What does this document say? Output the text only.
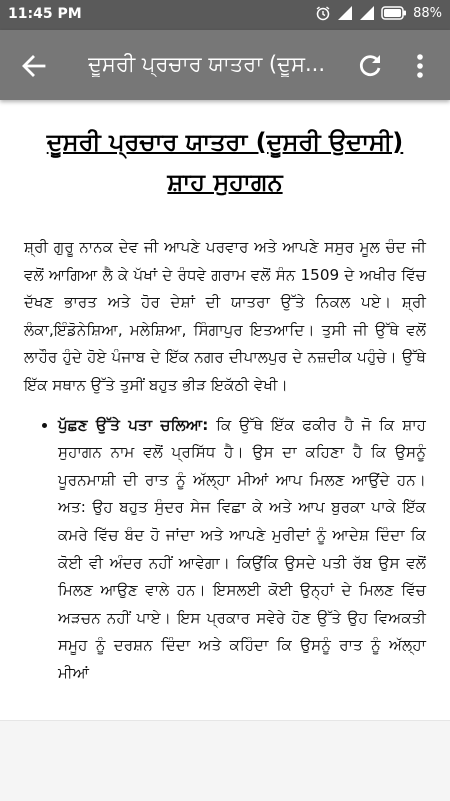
11:45 PM	88%
ਦੂਸਰੀ ਪ੍ਰਚਾਰ ਯਾਤਰਾ (ਦੂਸ...
ਦੂਸਰੀ ਪ੍ਰਚਾਰ ਯਾਤਰਾ (ਦੂਸਰੀ ਉਦਾਸੀ)
ਸ਼ਾਹ ਸੁਹਾਗਨ

ਸ਼੍ਰੀ ਗੁਰੂ ਨਾਨਕ ਦੇਵ ਜੀ ਆਪਣੇ ਪਰਵਾਰ ਅਤੇ ਆਪਣੇ ਸਸੁਰ ਮੂਲ ਚੰਦ ਜੀ ਵਲੋਂ ਆਗਿਆ ਲੈ ਕੇ ਪੱਖਾਂ ਦੇ ਰੰਧਵੇ ਗਰਾਮ ਵਲੋਂ ਸੰਨ 1509 ਦੇ ਅਖੀਰ ਵਿੱਚ ਦੱਖਣ ਭਾਰਤ ਅਤੇ ਹੋਰ ਦੇਸ਼ਾਂ ਦੀ ਯਾਤਰਾ ਉੱਤੇ ਨਿਕਲ ਪਏ। ਸ਼੍ਰੀ ਲੰਕਾ,ਇੰਡੋਨੇਸ਼ਿਆ, ਮਲੇਸ਼ਿਆ, ਸਿੰਗਾਪੁਰ ਇਤਆਦਿ। ਤੁਸੀ ਜੀ ਉੱਥੇ ਵਲੋਂ ਲਾਹੌਰ ਹੁੰਦੇ ਹੋਏ ਪੰਜਾਬ ਦੇ ਇੱਕ ਨਗਰ ਦੀਪਾਲਪੁਰ ਦੇ ਨਜ਼ਦੀਕ ਪਹੁੰਚੇ। ਉੱਥੇ ਇੱਕ ਸਥਾਨ ਉੱਤੇ ਤੁਸੀਂ ਬਹੁਤ ਭੀੜ ਇਕੱਠੀ ਵੇਖੀ।

• ਪੁੱਛਣ ਉੱਤੇ ਪਤਾ ਚਲਿਆ: ਕਿ ਉੱਥੇ ਇੱਕ ਫਕੀਰ ਹੈ ਜੋ ਕਿ ਸ਼ਾਹ ਸੁਹਾਗਨ ਨਾਮ ਵਲੋਂ ਪ੍ਰਸਿੱਧ ਹੈ। ਉਸ ਦਾ ਕਹਿਣਾ ਹੈ ਕਿ ਉਸਨੂੰ ਪੂਰਨਮਾਸ਼ੀ ਦੀ ਰਾਤ ਨੂੰ ਅੱਲ੍ਹਾ ਮੀਆਂ ਆਪ ਮਿਲਣ ਆਉਂਦੇ ਹਨ। ਅਤ: ਉਹ ਬਹੁਤ ਸੁੰਦਰ ਸੇਜ ਵਿਛਾ ਕੇ ਅਤੇ ਆਪ ਬੁਰਕਾ ਪਾਕੇ ਇੱਕ ਕਮਰੇ ਵਿੱਚ ਬੰਦ ਹੋ ਜਾਂਦਾ ਅਤੇ ਆਪਣੇ ਮੁਰੀਦਾਂ ਨੂੰ ਆਦੇਸ਼ ਦਿੰਦਾ ਕਿ ਕੋਈ ਵੀ ਅੰਦਰ ਨਹੀਂ ਆਵੇਗਾ। ਕਿਉਂਕਿ ਉਸਦੇ ਪਤੀ ਰੱਬ ਉਸ ਵਲੋਂ ਮਿਲਣ ਆਉਣ ਵਾਲੇ ਹਨ। ਇਸਲਈ ਕੋਈ ਉਨ੍ਹਾਂ ਦੇ ਮਿਲਣ ਵਿੱਚ ਅੜਚਨ ਨਹੀਂ ਪਾਏ। ਇਸ ਪ੍ਰਕਾਰ ਸਵੇਰੇ ਹੋਣ ਉੱਤੇ ਉਹ ਵਿਅਕਤੀ ਸਮੂਹ ਨੂੰ ਦਰਸ਼ਨ ਦਿੰਦਾ ਅਤੇ ਕਹਿੰਦਾ ਕਿ ਉਸਨੂੰ ਰਾਤ ਨੂੰ ਅੱਲ੍ਹਾ ਮੀਆਂ
